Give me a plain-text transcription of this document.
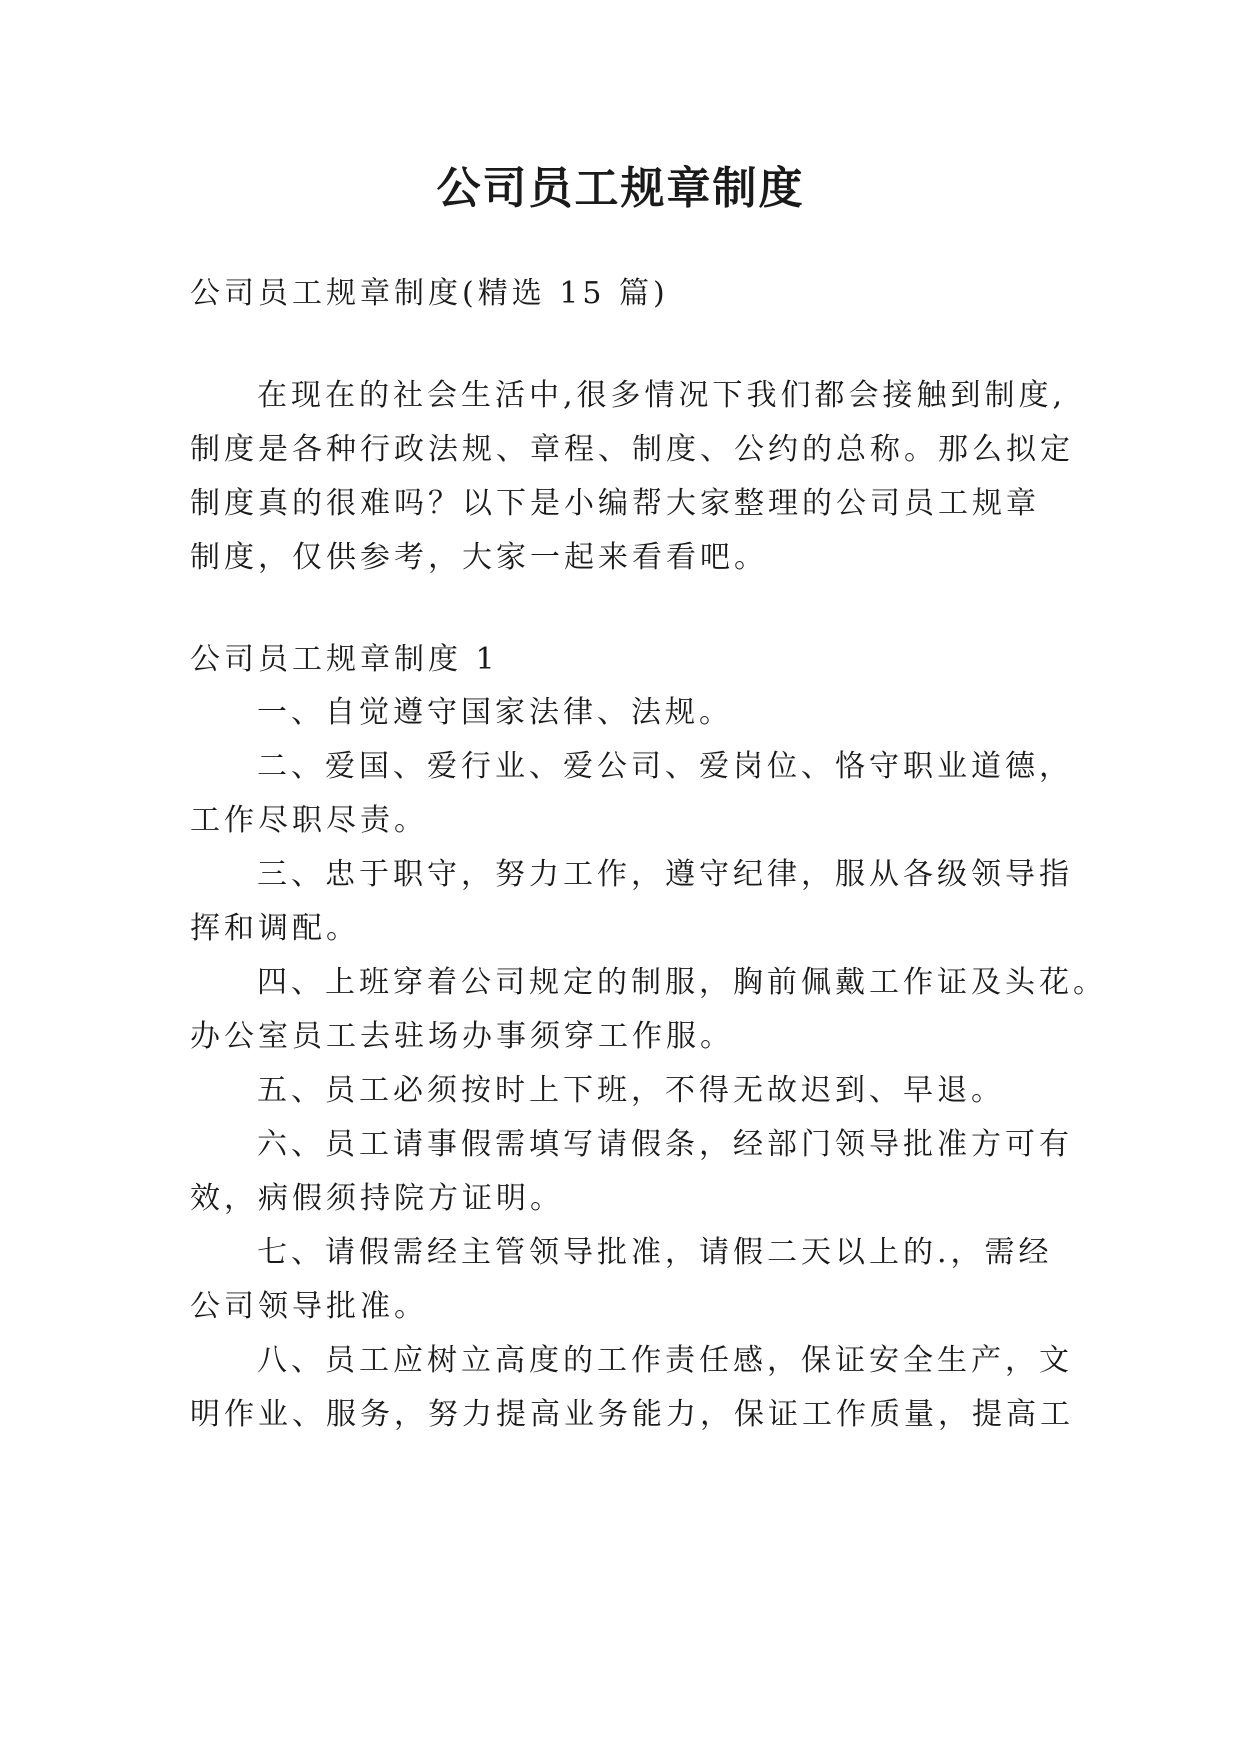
公司员工规章制度

公司员工规章制度(精选 15 篇)

在现在的社会生活中,很多情况下我们都会接触到制度,

制度是各种行政法规、章程、制度、公约的总称。那么拟定

制度真的很难吗？以下是小编帮大家整理的公司员工规章

制度，仅供参考，大家一起来看看吧。

公司员工规章制度 1

一、自觉遵守国家法律、法规。

二、爱国、爱行业、爱公司、爱岗位、恪守职业道德，

工作尽职尽责。

三、忠于职守，努力工作，遵守纪律，服从各级领导指

挥和调配。

四、上班穿着公司规定的制服，胸前佩戴工作证及头花。

办公室员工去驻场办事须穿工作服。

五、员工必须按时上下班，不得无故迟到、早退。

六、员工请事假需填写请假条，经部门领导批准方可有

效，病假须持院方证明。

七、请假需经主管领导批准，请假二天以上的.，需经

公司领导批准。

八、员工应树立高度的工作责任感，保证安全生产，文

明作业、服务，努力提高业务能力，保证工作质量，提高工
